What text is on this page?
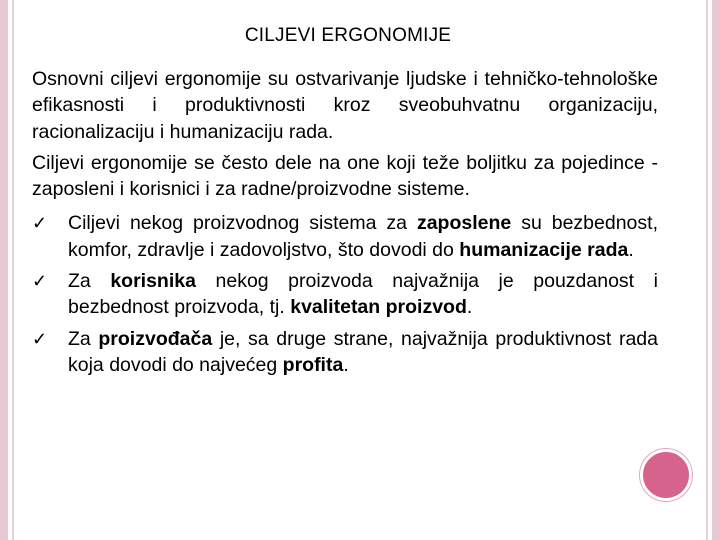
CILJEVI ERGONOMIJE

Osnovni ciljevi ergonomije su ostvarivanje ljudske i tehničko-tehnološke efikasnosti i produktivnosti kroz sveobuhvatnu organizaciju, racionalizaciju i humanizaciju rada.

Ciljevi ergonomije se često dele na one koji teže boljitku za pojedince - zaposleni i korisnici i za radne/proizvodne sisteme.

✓ Ciljevi nekog proizvodnog sistema za zaposlene su bezbednost, komfor, zdravlje i zadovoljstvo, što dovodi do humanizacije rada.
✓ Za korisnika nekog proizvoda najvažnija je pouzdanost i bezbednost proizvoda, tj. kvalitetan proizvod.
✓ Za proizvođača je, sa druge strane, najvažnija produktivnost rada koja dovodi do najvećeg profita.
